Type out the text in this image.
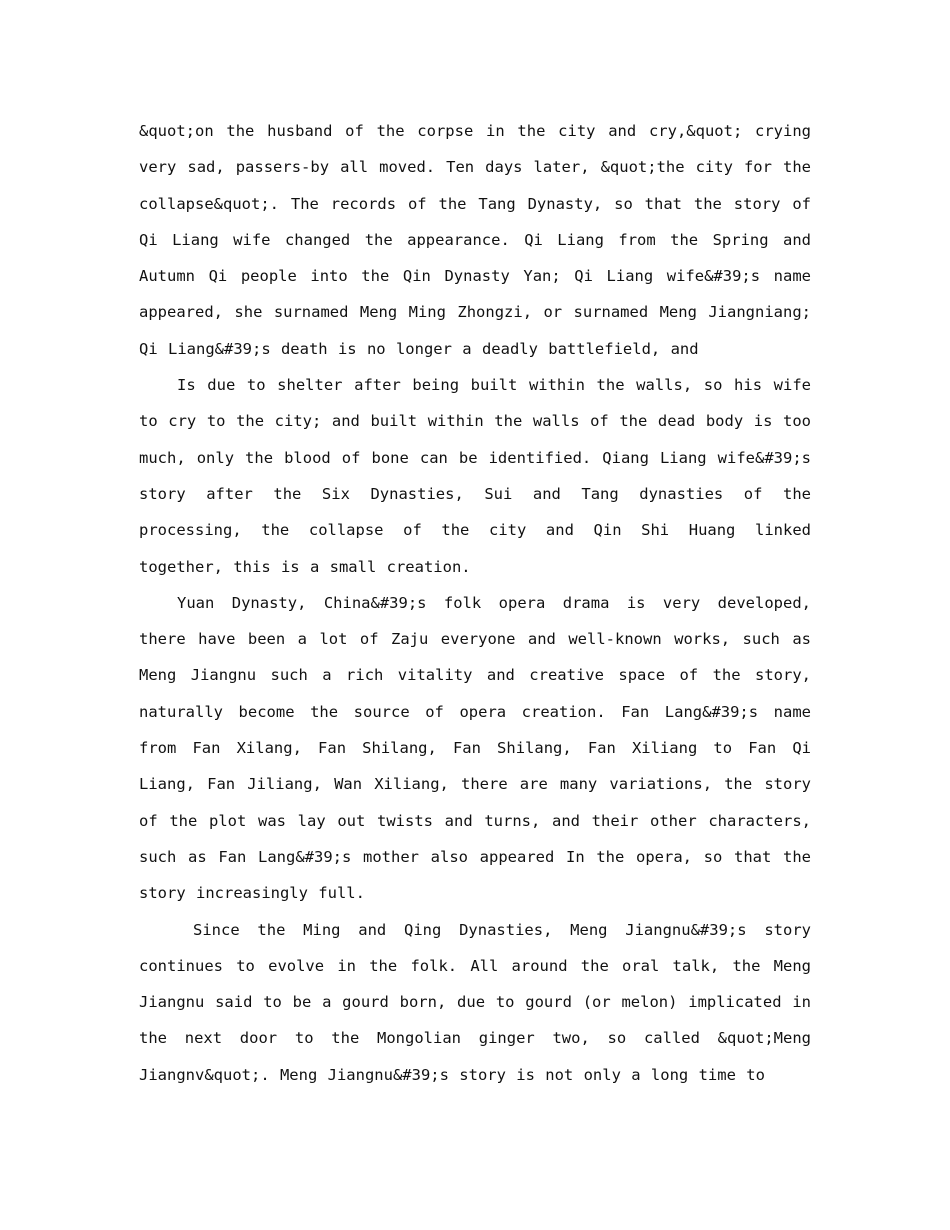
&quot;on the husband of the corpse in the city and cry,&quot; crying very sad, passers-by all moved. Ten days later, &quot;the city for the collapse&quot;. The records of the Tang Dynasty, so that the story of Qi Liang wife changed the appearance. Qi Liang from the Spring and Autumn Qi people into the Qin Dynasty Yan; Qi Liang wife&#39;s name appeared, she surnamed Meng Ming Zhongzi, or surnamed Meng Jiangniang; Qi Liang&#39;s death is no longer a deadly battlefield, and

Is due to shelter after being built within the walls, so his wife to cry to the city; and built within the walls of the dead body is too much, only the blood of bone can be identified. Qiang Liang wife&#39;s story after the Six Dynasties, Sui and Tang dynasties of the processing, the collapse of the city and Qin Shi Huang linked together, this is a small creation.

Yuan Dynasty, China&#39;s folk opera drama is very developed, there have been a lot of Zaju everyone and well-known works, such as Meng Jiangnu such a rich vitality and creative space of the story, naturally become the source of opera creation. Fan Lang&#39;s name from Fan Xilang, Fan Shilang, Fan Shilang, Fan Xiliang to Fan Qi Liang, Fan Jiliang, Wan Xiliang, there are many variations, the story of the plot was lay out twists and turns, and their other characters, such as Fan Lang&#39;s mother also appeared In the opera, so that the story increasingly full.

Since the Ming and Qing Dynasties, Meng Jiangnu&#39;s story continues to evolve in the folk. All around the oral talk, the Meng Jiangnu said to be a gourd born, due to gourd (or melon) implicated in the next door to the Mongolian ginger two, so called &quot;Meng Jiangnv&quot;. Meng Jiangnu&#39;s story is not only a long time to
